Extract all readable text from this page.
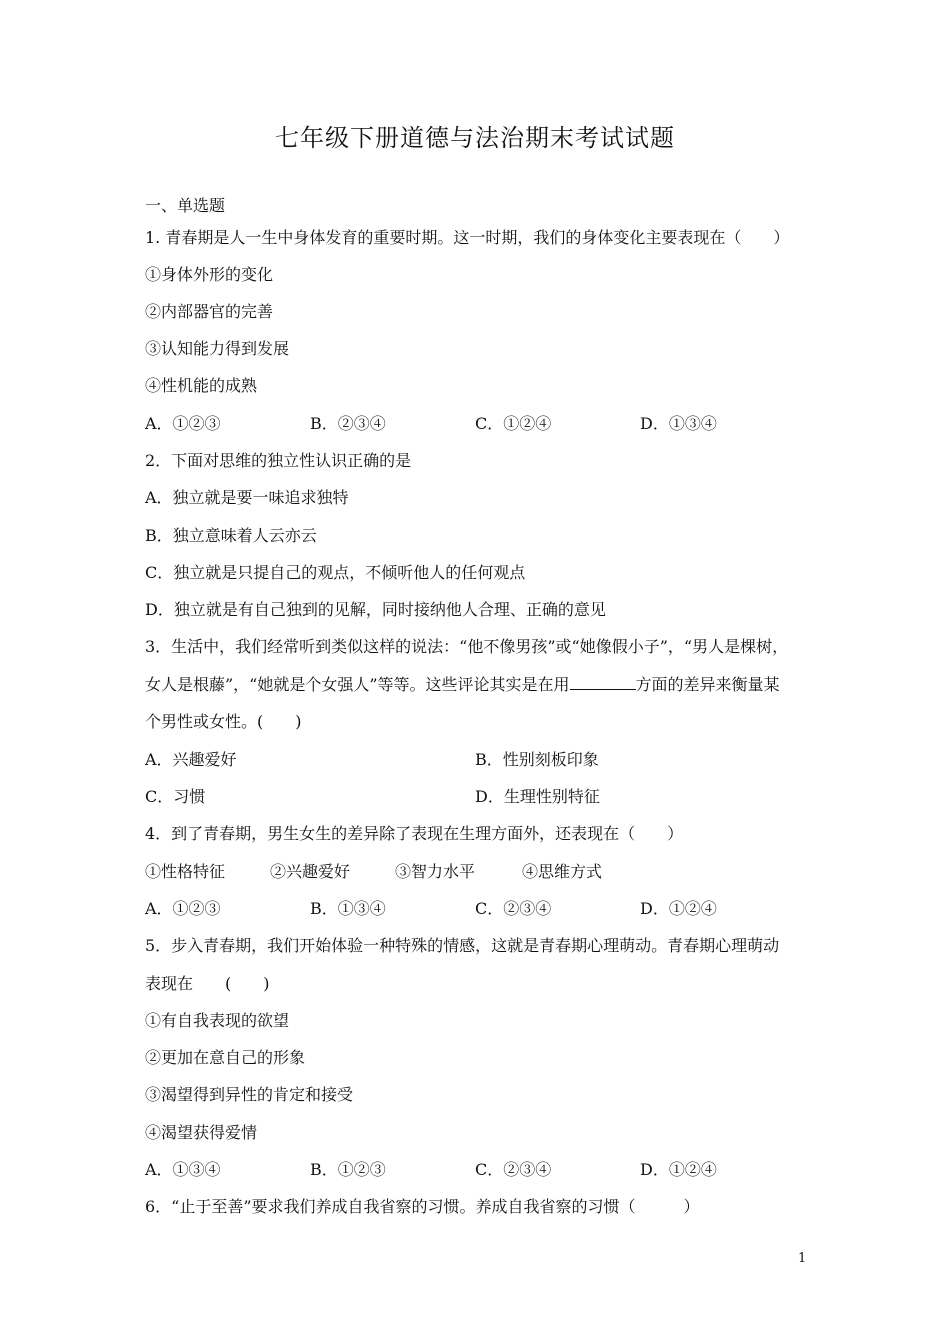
七年级下册道德与法治期末考试试题
一、单选题
1. 青春期是人一生中身体发育的重要时期。这一时期，我们的身体变化主要表现在（　　）
①身体外形的变化
②内部器官的完善
③认知能力得到发展
④性机能的成熟
A．①②③	B．②③④	C．①②④	D．①③④
2．下面对思维的独立性认识正确的是
A．独立就是要一味追求独特
B．独立意味着人云亦云
C．独立就是只提自己的观点，不倾听他人的任何观点
D．独立就是有自己独到的见解，同时接纳他人合理、正确的意见
3．生活中，我们经常听到类似这样的说法：“他不像男孩”或“她像假小子”，“男人是棵树，
女人是根藤”，“她就是个女强人”等等。这些评论其实是在用	方面的差异来衡量某
个男性或女性。(　　)
A．兴趣爱好	B．性别刻板印象
C．习惯	D．生理性别特征
4．到了青春期，男生女生的差异除了表现在生理方面外，还表现在（　　）
①性格特征	②兴趣爱好	③智力水平	④思维方式
A．①②③	B．①③④	C．②③④	D．①②④
5．步入青春期，我们开始体验一种特殊的情感，这就是青春期心理萌动。青春期心理萌动
表现在　　(　　)
①有自我表现的欲望
②更加在意自己的形象
③渴望得到异性的肯定和接受
④渴望获得爱情
A．①③④	B．①②③	C．②③④	D．①②④
6．“止于至善”要求我们养成自我省察的习惯。养成自我省察的习惯（　　　）
1
